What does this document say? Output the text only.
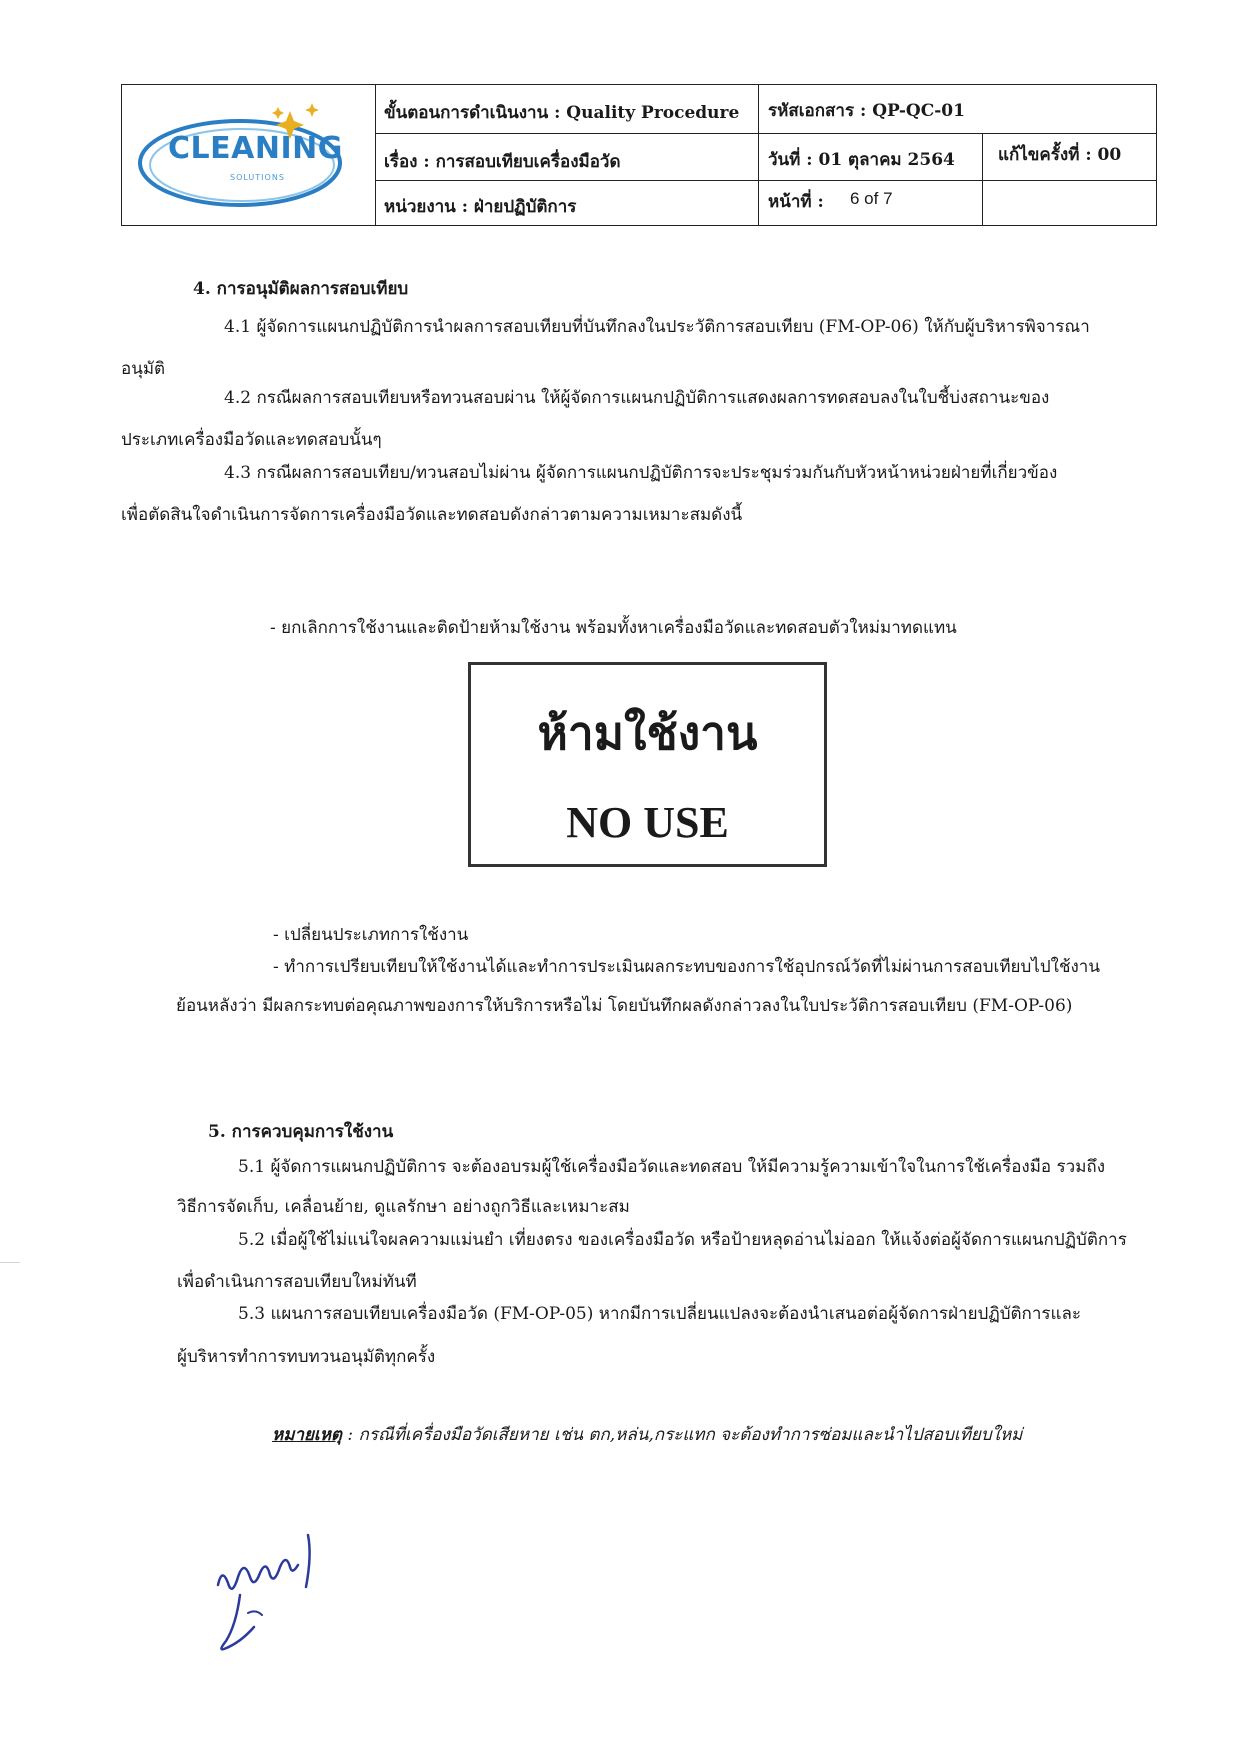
CLEANING
SOLUTIONS
ขั้นตอนการดำเนินงาน : Quality Procedure รหัสเอกสาร : QP-QC-01
เรื่อง : การสอบเทียบเครื่องมือวัด	วันที่ : 01 ตุลาคม 2564	แก้ไขครั้งที่ : 00
หน่วยงาน : ฝ่ายปฏิบัติการ	หน้าที่ : 6 of 7
4. การอนุมัติผลการสอบเทียบ
4.1 ผู้จัดการแผนกปฏิบัติการนำผลการสอบเทียบที่บันทึกลงในประวัติการสอบเทียบ (FM-OP-06) ให้กับผู้บริหารพิจารณา
อนุมัติ
4.2 กรณีผลการสอบเทียบหรือทวนสอบผ่าน ให้ผู้จัดการแผนกปฏิบัติการแสดงผลการทดสอบลงในใบชี้บ่งสถานะของ
ประเภทเครื่องมือวัดและทดสอบนั้นๆ
4.3 กรณีผลการสอบเทียบ/ทวนสอบไม่ผ่าน ผู้จัดการแผนกปฏิบัติการจะประชุมร่วมกันกับหัวหน้าหน่วยฝ่ายที่เกี่ยวข้อง
เพื่อตัดสินใจดำเนินการจัดการเครื่องมือวัดและทดสอบดังกล่าวตามความเหมาะสมดังนี้
- ยกเลิกการใช้งานและติดป้ายห้ามใช้งาน พร้อมทั้งหาเครื่องมือวัดและทดสอบตัวใหม่มาทดแทน
ห้ามใช้งาน
NO USE
- เปลี่ยนประเภทการใช้งาน
- ทำการเปรียบเทียบให้ใช้งานได้และทำการประเมินผลกระทบของการใช้อุปกรณ์วัดที่ไม่ผ่านการสอบเทียบไปใช้งาน
ย้อนหลังว่า มีผลกระทบต่อคุณภาพของการให้บริการหรือไม่ โดยบันทึกผลดังกล่าวลงในใบประวัติการสอบเทียบ (FM-OP-06)
5. การควบคุมการใช้งาน
5.1 ผู้จัดการแผนกปฏิบัติการ จะต้องอบรมผู้ใช้เครื่องมือวัดและทดสอบ ให้มีความรู้ความเข้าใจในการใช้เครื่องมือ รวมถึง
วิธีการจัดเก็บ, เคลื่อนย้าย, ดูแลรักษา อย่างถูกวิธีและเหมาะสม
5.2 เมื่อผู้ใช้ไม่แน่ใจผลความแม่นยำ เที่ยงตรง ของเครื่องมือวัด หรือป้ายหลุดอ่านไม่ออก ให้แจ้งต่อผู้จัดการแผนกปฏิบัติการ
เพื่อดำเนินการสอบเทียบใหม่ทันที
5.3 แผนการสอบเทียบเครื่องมือวัด (FM-OP-05) หากมีการเปลี่ยนแปลงจะต้องนำเสนอต่อผู้จัดการฝ่ายปฏิบัติการและ
ผู้บริหารทำการทบทวนอนุมัติทุกครั้ง
หมายเหตุ : กรณีที่เครื่องมือวัดเสียหาย เช่น ตก,หล่น,กระแทก จะต้องทำการซ่อมและนำไปสอบเทียบใหม่
